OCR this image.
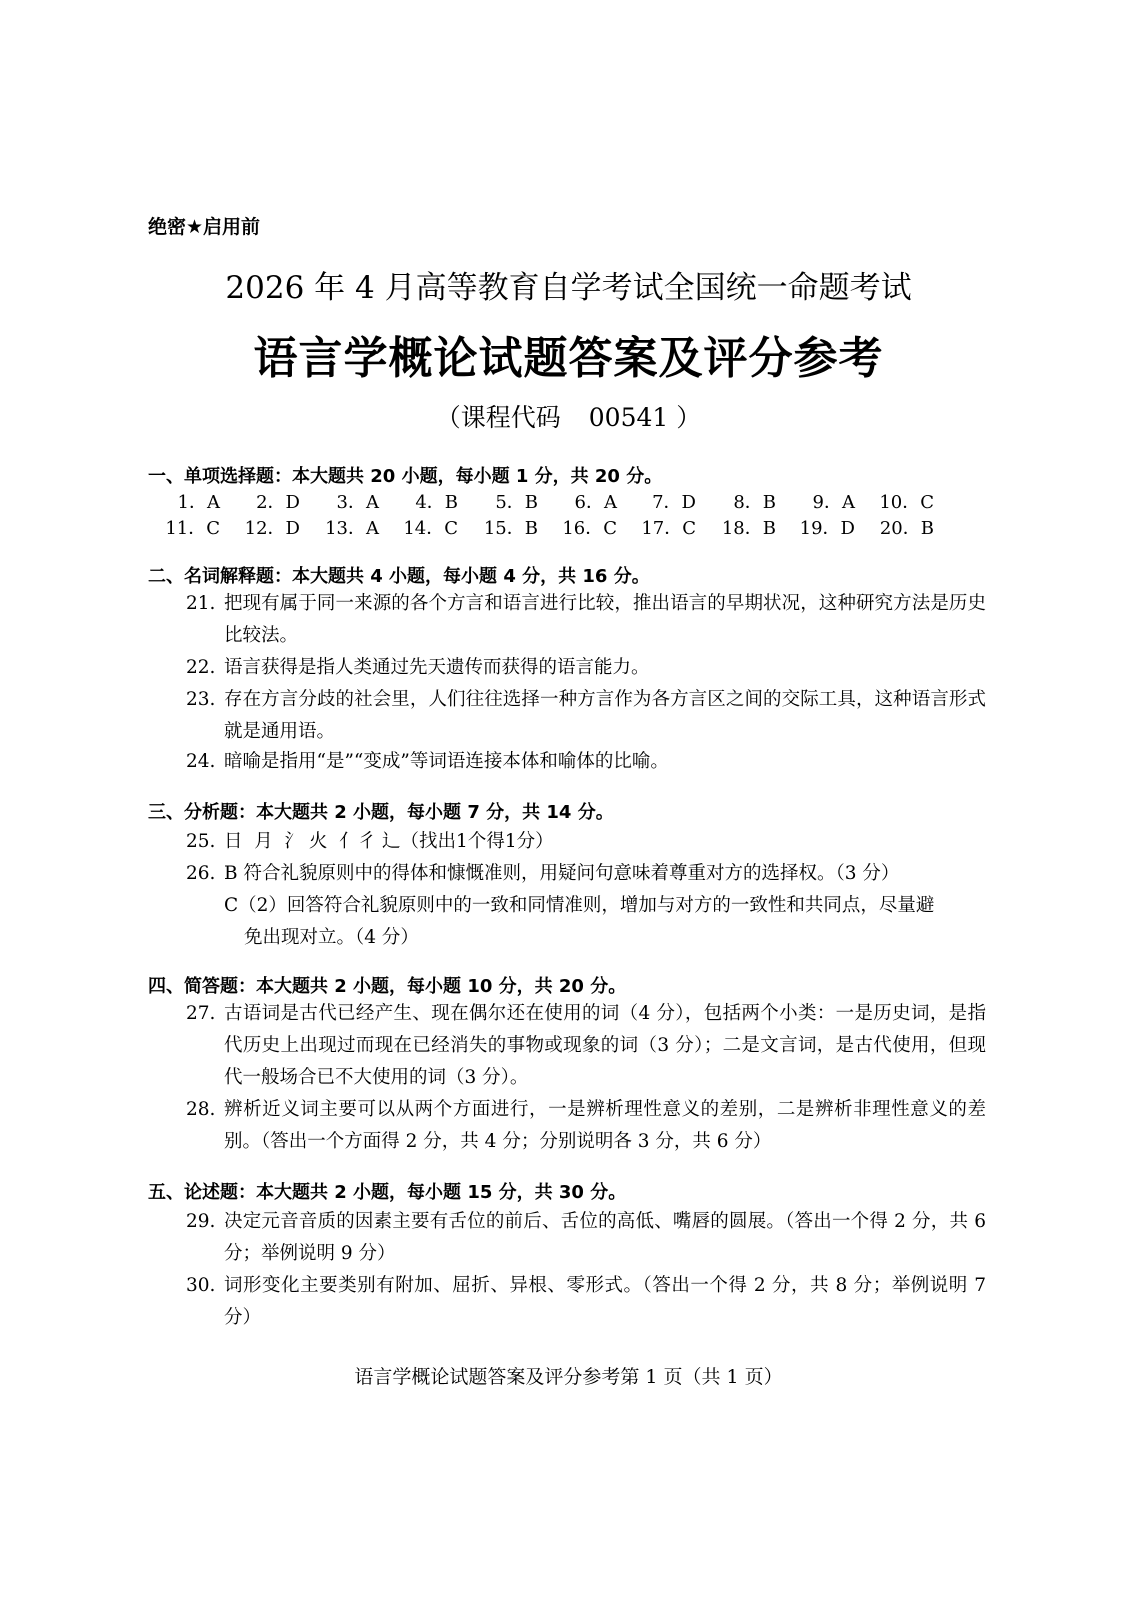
绝密★启用前
2026 年 4 月高等教育自学考试全国统一命题考试
语言学概论试题答案及评分参考
（课程代码 00541 ）
一、单项选择题：本大题共 20 小题，每小题 1 分，共 20 分。
1．A	2．D	3．A	4．B	5．B	6．A	7．D	8．B	9．A	10．C
11．C	12．D	13．A	14．C	15．B	16．C	17．C	18．B	19．D	20．B
二、名词解释题：本大题共 4 小题，每小题 4 分，共 16 分。
21. 把现有属于同一来源的各个方言和语言进行比较，推出语言的早期状况，这种研究方法是历史比较法。
22. 语言获得是指人类通过先天遗传而获得的语言能力。
23. 存在方言分歧的社会里，人们往往选择一种方言作为各方言区之间的交际工具，这种语言形式就是通用语。
24. 暗喻是指用“是”“变成”等词语连接本体和喻体的比喻。
三、分析题：本大题共 2 小题，每小题 7 分，共 14 分。
25. 日  月  氵 火  亻彳 辶（找出1个得1分）
26. B 符合礼貌原则中的得体和慷慨准则，用疑问句意味着尊重对方的选择权。（3 分）
C（2）回答符合礼貌原则中的一致和同情准则，增加与对方的一致性和共同点，尽量避
免出现对立。（4 分）
四、简答题：本大题共 2 小题，每小题 10 分，共 20 分。
27. 古语词是古代已经产生、现在偶尔还在使用的词（4 分），包括两个小类：一是历史词，是指代历史上出现过而现在已经消失的事物或现象的词（3 分）；二是文言词，是古代使用，但现代一般场合已不大使用的词（3 分）。
28. 辨析近义词主要可以从两个方面进行，一是辨析理性意义的差别，二是辨析非理性意义的差别。（答出一个方面得 2 分，共 4 分；分别说明各 3 分，共 6 分）
五、论述题：本大题共 2 小题，每小题 15 分，共 30 分。
29. 决定元音音质的因素主要有舌位的前后、舌位的高低、嘴唇的圆展。（答出一个得 2 分，共 6 分；举例说明 9 分）
30. 词形变化主要类别有附加、屈折、异根、零形式。（答出一个得 2 分，共 8 分；举例说明 7 分）
语言学概论试题答案及评分参考第 1 页（共 1 页）
